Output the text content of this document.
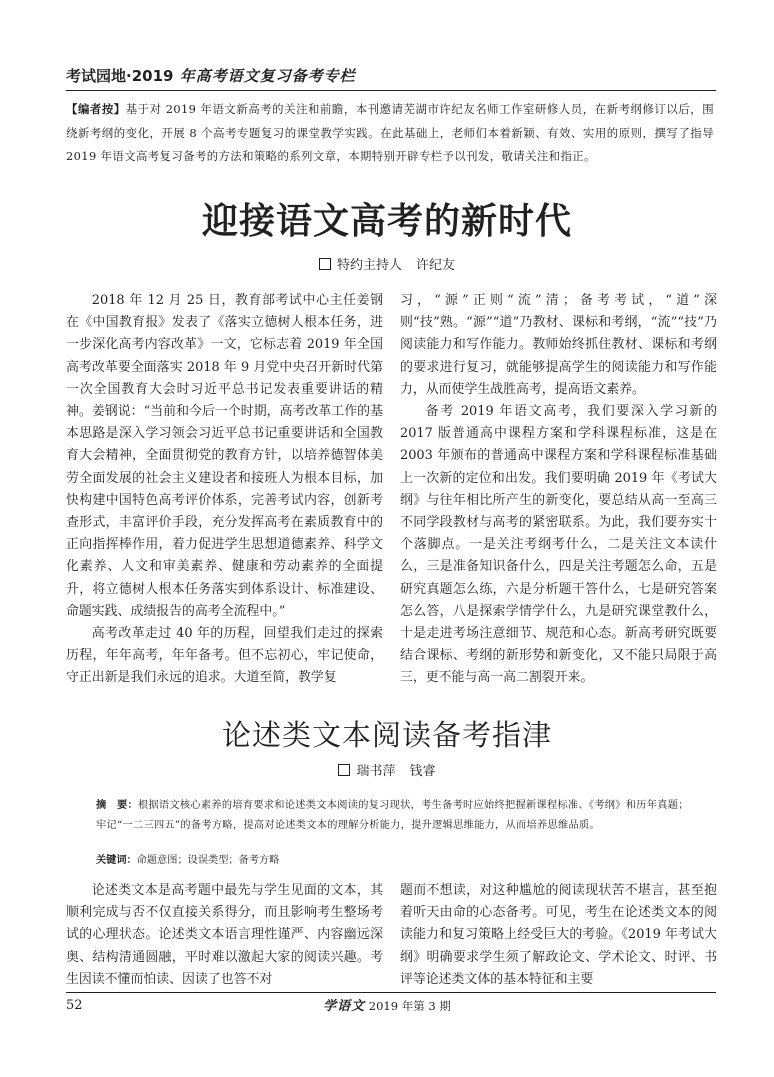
考试园地·2019 年高考语文复习备考专栏
【编者按】基于对 2019 年语文新高考的关注和前瞻，本刊邀请芜湖市许纪友名师工作室研修人员，在新考纲修订以后，围绕新考纲的变化，开展 8 个高考专题复习的课堂教学实践。在此基础上，老师们本着新颖、有效、实用的原则，撰写了指导 2019 年语文高考复习备考的方法和策略的系列文章，本期特别开辟专栏予以刊发，敬请关注和指正。
迎接语文高考的新时代
特约主持人 许纪友

2018 年 12 月 25 日，教育部考试中心主任姜钢在《中国教育报》发表了《落实立德树人根本任务，进一步深化高考内容改革》一文，它标志着 2019 年全国高考改革要全面落实 2018 年 9 月党中央召开新时代第一次全国教育大会时习近平总书记发表重要讲话的精神。姜钢说：“当前和今后一个时期，高考改革工作的基本思路是深入学习领会习近平总书记重要讲话和全国教育大会精神，全面贯彻党的教育方针，以培养德智体美劳全面发展的社会主义建设者和接班人为根本目标，加快构建中国特色高考评价体系，完善考试内容，创新考查形式，丰富评价手段，充分发挥高考在素质教育中的正向指挥棒作用，着力促进学生思想道德素养、科学文化素养、人文和审美素养、健康和劳动素养的全面提升，将立德树人根本任务落实到体系设计、标准建设、命题实践、成绩报告的高考全流程中。”

高考改革走过 40 年的历程，回望我们走过的探索历程，年年高考，年年备考。但不忘初心，牢记使命，守正出新是我们永远的追求。大道至简，教学复

习，“源”正则“流”清；备考考试，“道”深则“技”熟。“源”“道”乃教材、课标和考纲，“流”“技”乃阅读能力和写作能力。教师始终抓住教材、课标和考纲的要求进行复习，就能够提高学生的阅读能力和写作能力，从而使学生战胜高考，提高语文素养。

备考 2019 年语文高考，我们要深入学习新的 2017 版普通高中课程方案和学科课程标准，这是在 2003 年颁布的普通高中课程方案和学科课程标准基础上一次新的定位和出发。我们要明确 2019 年《考试大纲》与往年相比所产生的新变化，要总结从高一至高三不同学段教材与高考的紧密联系。为此，我们要夯实十个落脚点。一是关注考纲考什么，二是关注文本读什么，三是准备知识备什么，四是关注考题怎么命，五是研究真题怎么练，六是分析题干答什么，七是研究答案怎么答，八是探索学情学什么，九是研究课堂教什么，十是走进考场注意细节、规范和心态。新高考研究既要结合课标、考纲的新形势和新变化，又不能只局限于高三，更不能与高一高二割裂开来。

论述类文本阅读备考指津
瑞书萍 钱睿
摘　要：根据语文核心素养的培育要求和论述类文本阅读的复习现状，考生备考时应始终把握新课程标准、《考纲》和历年真题；牢记“一二三四五”的备考方略，提高对论述类文本的理解分析能力，提升逻辑思维能力，从而培养思维品质。
关键词：命题意图；设误类型；备考方略

论述类文本是高考题中最先与学生见面的文本，其顺利完成与否不仅直接关系得分，而且影响考生整场考试的心理状态。论述类文本语言理性谨严、内容幽远深奥、结构清通圆融，平时难以激起大家的阅读兴趣。考生因读不懂而怕读、因读了也答不对

题而不想读，对这种尴尬的阅读现状苦不堪言，甚至抱着听天由命的心态备考。可见，考生在论述类文本的阅读能力和复习策略上经受巨大的考验。《2019 年考试大纲》明确要求学生须了解政论文、学术论文、时评、书评等论述类文体的基本特征和主要

52	学语文 2019 年第 3 期
